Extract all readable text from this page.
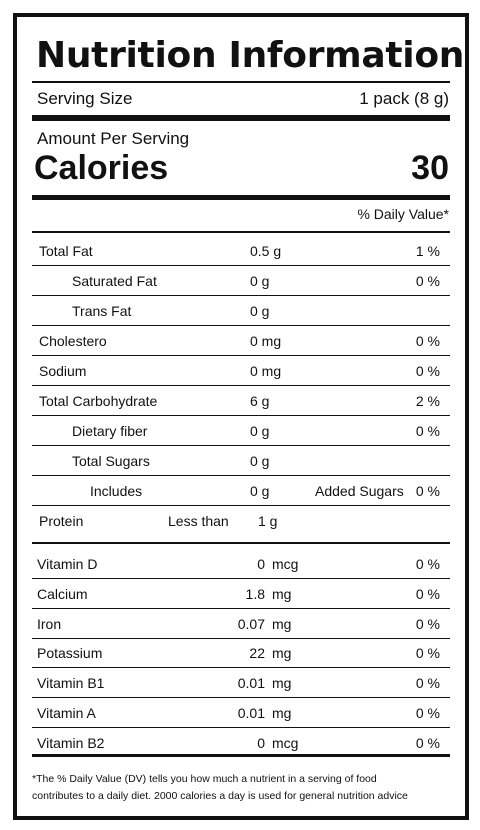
Nutrition Information
Serving Size	1 pack (8 g)
Amount Per Serving
Calories	30
% Daily Value*
Total Fat	0.5 g	1 %
Saturated Fat	0 g	0 %
Trans Fat	0 g
Cholestero	0 mg	0 %
Sodium	0 mg	0 %
Total Carbohydrate	6 g	2 %
Dietary fiber	0 g	0 %
Total Sugars	0 g
Includes	0 g	Added Sugars 0 %
Protein	Less than 1 g
Vitamin D	0 mcg	0 %
Calcium	1.8 mg	0 %
Iron	0.07 mg	0 %
Potassium	22 mg	0 %
Vitamin B1	0.01 mg	0 %
Vitamin A	0.01 mg	0 %
Vitamin B2	0 mcg	0 %
*The % Daily Value (DV) tells you how much a nutrient in a serving of food
contributes to a daily diet. 2000 calories a day is used for general nutrition advice
